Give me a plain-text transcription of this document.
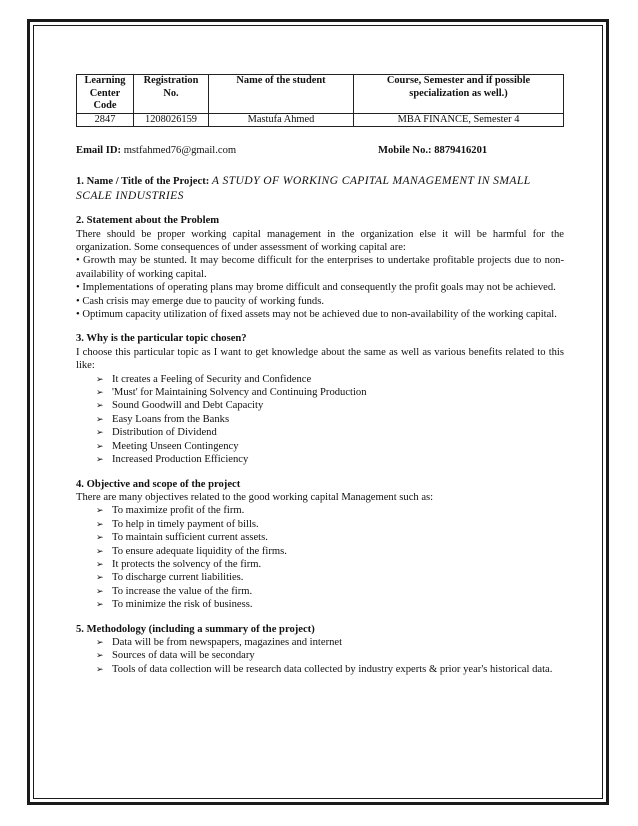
Learning Center Code	Registration No.	Name of the student	Course, Semester and if possible specialization as well.)
2847	1208026159	Mastufa Ahmed	MBA FINANCE, Semester 4
Email ID: mstfahmed76@gmail.com	Mobile No.: 8879416201
1. Name / Title of the Project: A STUDY OF WORKING CAPITAL MANAGEMENT IN SMALL SCALE INDUSTRIES
2. Statement about the Problem

There should be proper working capital management in the organization else it will be harmful for the organization. Some consequences of under assessment of working capital are:

• Growth may be stunted. It may become difficult for the enterprises to undertake profitable projects due to non-availability of working capital.

• Implementations of operating plans may brome difficult and consequently the profit goals may not be achieved.

• Cash crisis may emerge due to paucity of working funds.

• Optimum capacity utilization of fixed assets may not be achieved due to non-availability of the working capital.

3. Why is the particular topic chosen?

I choose this particular topic as I want to get knowledge about the same as well as various benefits related to this like:

➢ It creates a Feeling of Security and Confidence
➢ 'Must' for Maintaining Solvency and Continuing Production
➢ Sound Goodwill and Debt Capacity
➢ Easy Loans from the Banks
➢ Distribution of Dividend
➢ Meeting Unseen Contingency
➢ Increased Production Efficiency
4. Objective and scope of the project

There are many objectives related to the good working capital Management such as:

➢ To maximize profit of the firm.
➢ To help in timely payment of bills.
➢ To maintain sufficient current assets.
➢ To ensure adequate liquidity of the firms.
➢ It protects the solvency of the firm.
➢ To discharge current liabilities.
➢ To increase the value of the firm.
➢ To minimize the risk of business.
5. Methodology (including a summary of the project)
➢ Data will be from newspapers, magazines and internet
➢ Sources of data will be secondary
➢ Tools of data collection will be research data collected by industry experts & prior year's historical data.
